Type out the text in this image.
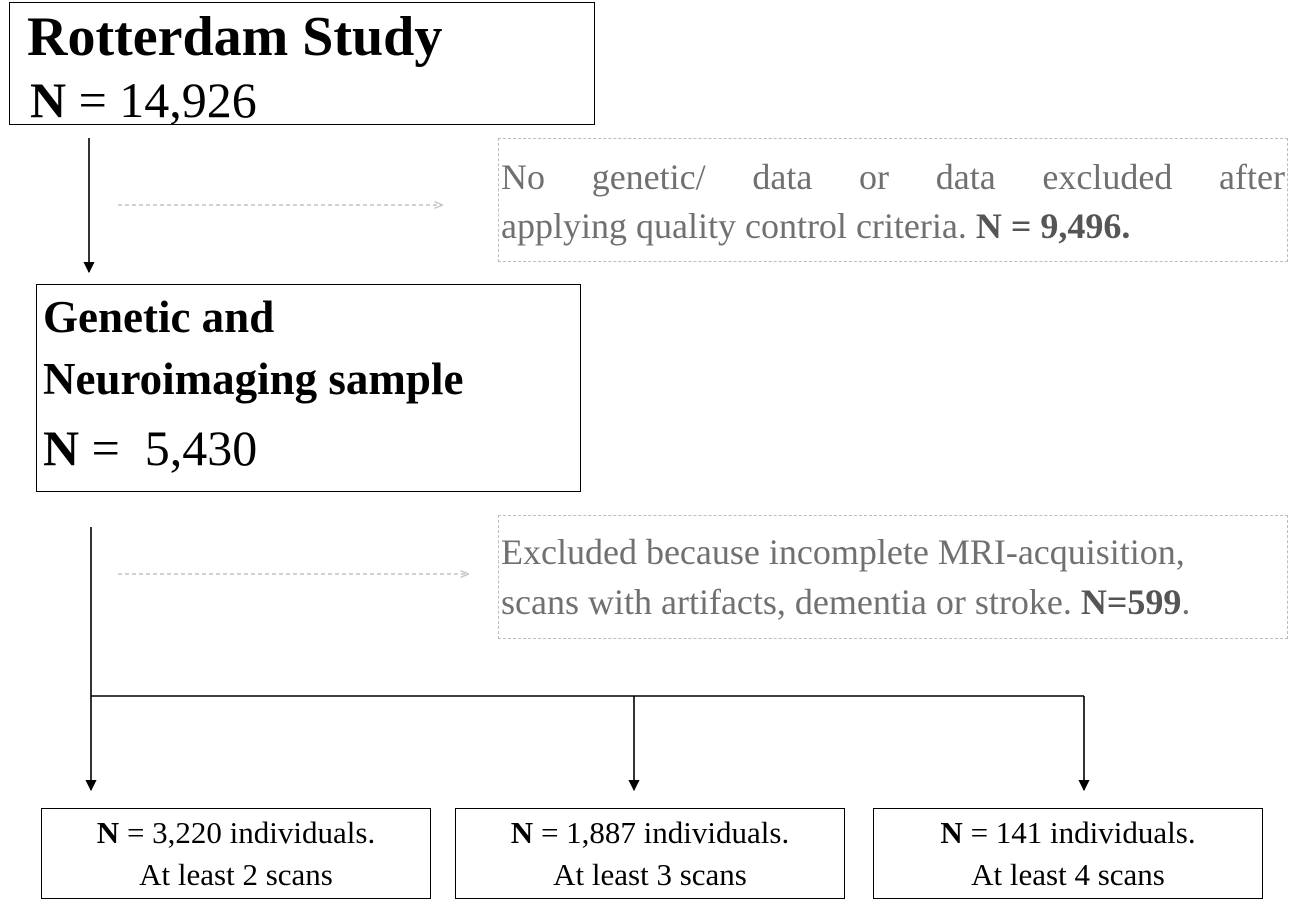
Rotterdam Study
N = 14,926
No genetic/ data or data excluded after
applying quality control criteria. N = 9,496.
Genetic and
Neuroimaging sample
N =  5,430
Excluded because incomplete MRI-acquisition,
scans with artifacts, dementia or stroke. N=599.
N = 3,220 individuals.
At least 2 scans
N = 1,887 individuals.
At least 3 scans
N = 141 individuals.
At least 4 scans
